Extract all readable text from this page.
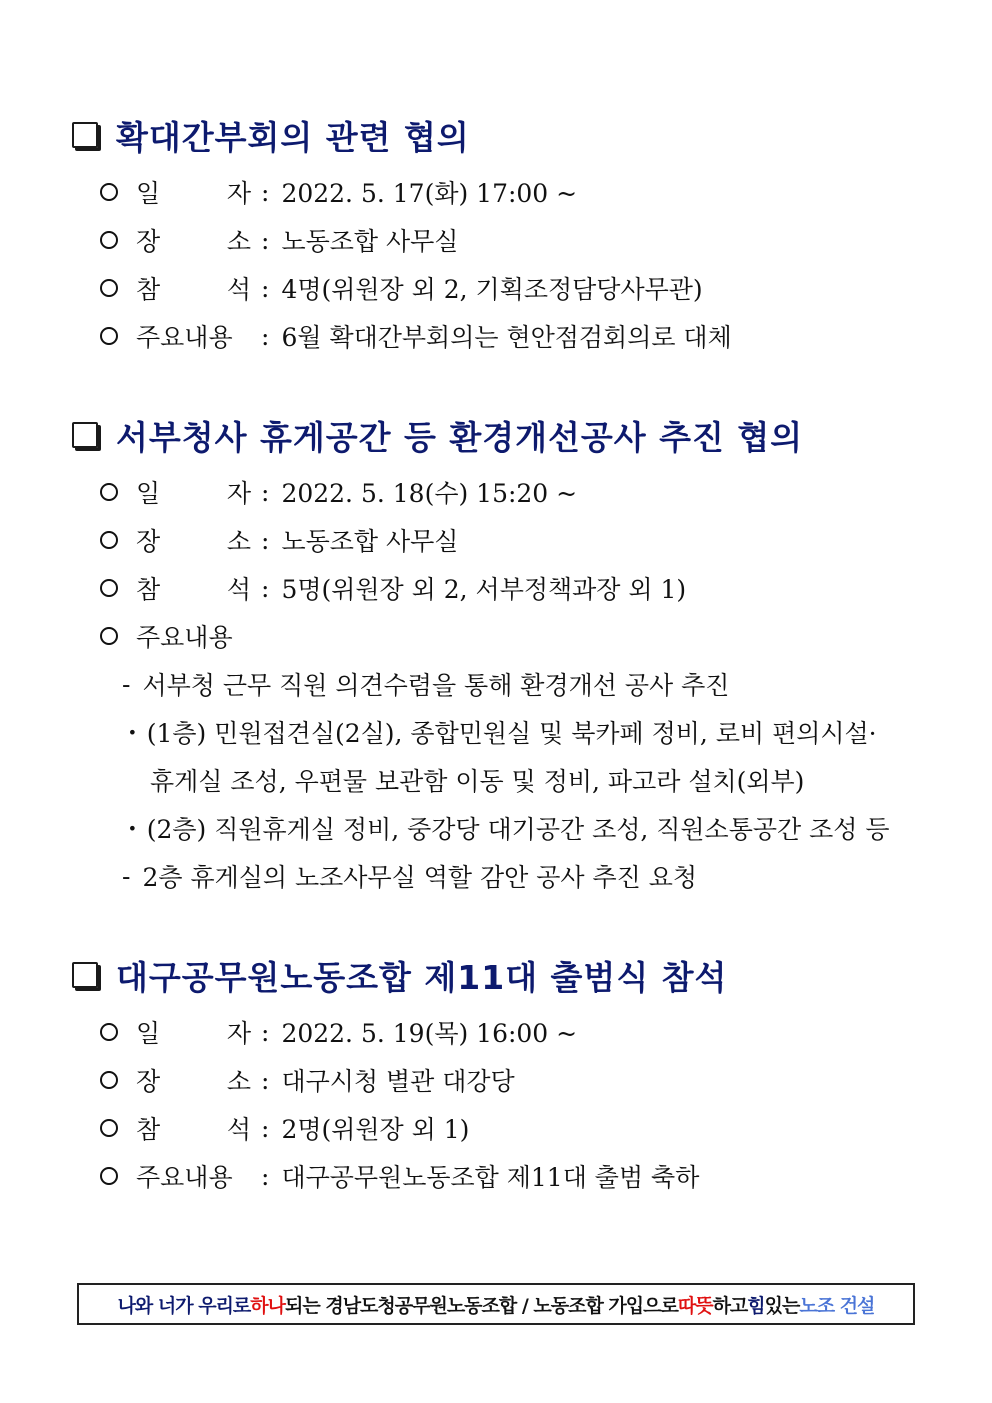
확대간부회의 관련 협의
일	자 : 2022. 5. 17(화) 17:00 ~
장	소 : 노동조합 사무실
참	석 : 4명(위원장 외 2, 기획조정담당사무관)
주요내용	: 6월 확대간부회의는 현안점검회의로 대체
서부청사 휴게공간 등 환경개선공사 추진 협의
일	자 : 2022. 5. 18(수) 15:20 ~
장	소 : 노동조합 사무실
참	석 : 5명(위원장 외 2, 서부정책과장 외 1)
주요내용
- 서부청 근무 직원 의견수렴을 통해 환경개선 공사 추진
· (1층) 민원접견실(2실), 종합민원실 및 북카페 정비, 로비 편의시설·
휴게실 조성, 우편물 보관함 이동 및 정비, 파고라 설치(외부)
· (2층) 직원휴게실 정비, 중강당 대기공간 조성, 직원소통공간 조성 등
- 2층 휴게실의 노조사무실 역할 감안 공사 추진 요청
대구공무원노동조합 제11대 출범식 참석
일	자 : 2022. 5. 19(목) 16:00 ~
장	소 : 대구시청 별관 대강당
참	석 : 2명(위원장 외 1)
주요내용	: 대구공무원노동조합 제11대 출범 축하
나와 너가 우리로 하나 되는 경남도청공무원노동조합 / 노동조합 가입으로 따뜻 하고 힘 있는 노조 건설
